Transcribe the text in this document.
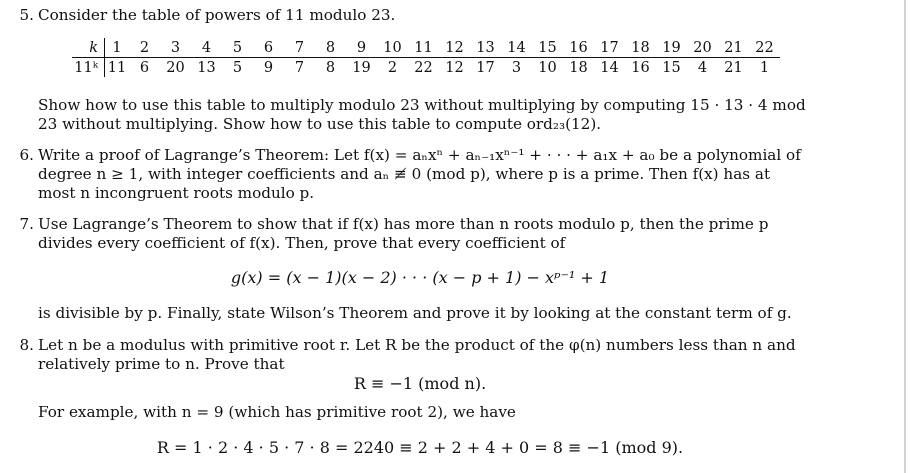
5. Consider the table of powers of 11 modulo 23.
k	1	2	3	4	5	6	7	8	9	10	11	12	13	14	15	16	17	18	19	20	21	22
11ᵏ	11	6	20	13	5	9	7	8	19	2	22	12	17	3	10	18	14	16	15	4	21	1
Show how to use this table to multiply modulo 23 without multiplying by computing 15 · 13 · 4 mod 23 without multiplying. Show how to use this table to compute ord₂₃(12).
6. Write a proof of Lagrange’s Theorem: Let f(x) = aₙxⁿ + aₙ₋₁xⁿ⁻¹ + · · · + a₁x + a₀ be a polynomial of degree n ≥ 1, with integer coefficients and aₙ ≢ 0 (mod p), where p is a prime. Then f(x) has at most n incongruent roots modulo p.
7. Use Lagrange’s Theorem to show that if f(x) has more than n roots modulo p, then the prime p divides every coefficient of f(x). Then, prove that every coefficient of
g(x) = (x − 1)(x − 2) · · · (x − p + 1) − xᵖ⁻¹ + 1
is divisible by p. Finally, state Wilson’s Theorem and prove it by looking at the constant term of g.
8. Let n be a modulus with primitive root r. Let R be the product of the φ(n) numbers less than n and relatively prime to n. Prove that
R ≡ −1 (mod n).
For example, with n = 9 (which has primitive root 2), we have
R = 1 · 2 · 4 · 5 · 7 · 8 = 2240 ≡ 2 + 2 + 4 + 0 = 8 ≡ −1 (mod 9).
